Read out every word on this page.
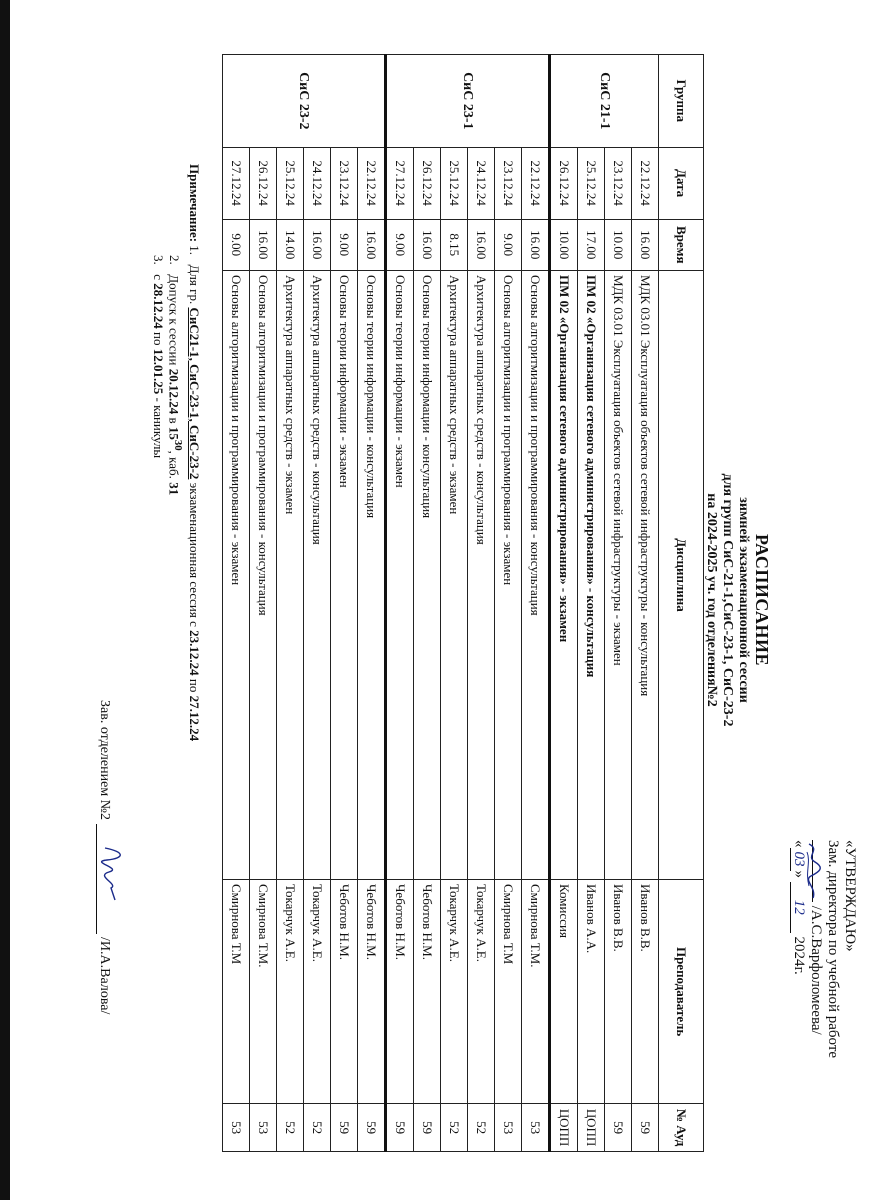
«УТВЕРЖДАЮ»
Зам. директора по учебной работе
/А.С.Варфоломеева/
«03» 12 2024г.
РАСПИСАНИЕ
зимней экзаменационной сессии
для групп СиС-21-1,СиС-23-1, СиС-23-2
на 2024-2025 уч. год отделения№2
Группа	Дата	Время	Дисциплина	Преподаватель	№ Ауд
СиС 21-1	22.12.24	16.00	МДК 03.01 Эксплуатация объектов сетевой инфраструктуры - консультация	Иванов В.В.	59
	23.12.24	10.00	МДК 03.01 Эксплуатация объектов сетевой инфраструктуры - экзамен	Иванов В.В.	59
	25.12.24	17.00	ПМ 02 «Организация сетевого администрирования» - консультация	Иванов А.А.	ЦОПП
	26.12.24	10.00	ПМ 02 «Организация сетевого администрирования» - экзамен	Комиссия	ЦОПП
СиС 23-1	22.12.24	16.00	Основы алгоритмизации и программирования - консультация	Смирнова Т.М.	53
	23.12.24	9.00	Основы алгоритмизации и программирования - экзамен	Смирнова Т.М	53
	24.12.24	16.00	Архитектура аппаратных средств - консультация	Токарчук А.Е.	52
	25.12.24	8.15	Архитектура аппаратных средств - экзамен	Токарчук А.Е.	52
	26.12.24	16.00	Основы теории информации - консультация	Чеботов Н.М.	59
	27.12.24	9.00	Основы теории информации - экзамен	Чеботов Н.М.	59
СиС 23-2	22.12.24	16.00	Основы теории информации - консультация	Чеботов Н.М.	59
	23.12.24	9.00	Основы теории информации - экзамен	Чеботов Н.М.	59
	24.12.24	16.00	Архитектура аппаратных средств - консультация	Токарчук А.Е.	52
	25.12.24	14.00	Архитектура аппаратных средств - экзамен	Токарчук А.Е.	52
	26.12.24	16.00	Основы алгоритмизации и программирования - консультация	Смирнова Т.М.	53
	27.12.24	9.00	Основы алгоритмизации и программирования - экзамен	Смирнова Т.М	53
Примечание: 1. Для гр. СиС21-1, СиС-23-1, СиС-23-2 экзаменационная сессия с 23.12.24 по 27.12.24
2. Допуск к сессии 20.12.24 в $15^{30}$, каб. 31
3. с 28.12.24 по 12.01.25 - каникулы
Зав. отделением №2
/И.А.Валова/
